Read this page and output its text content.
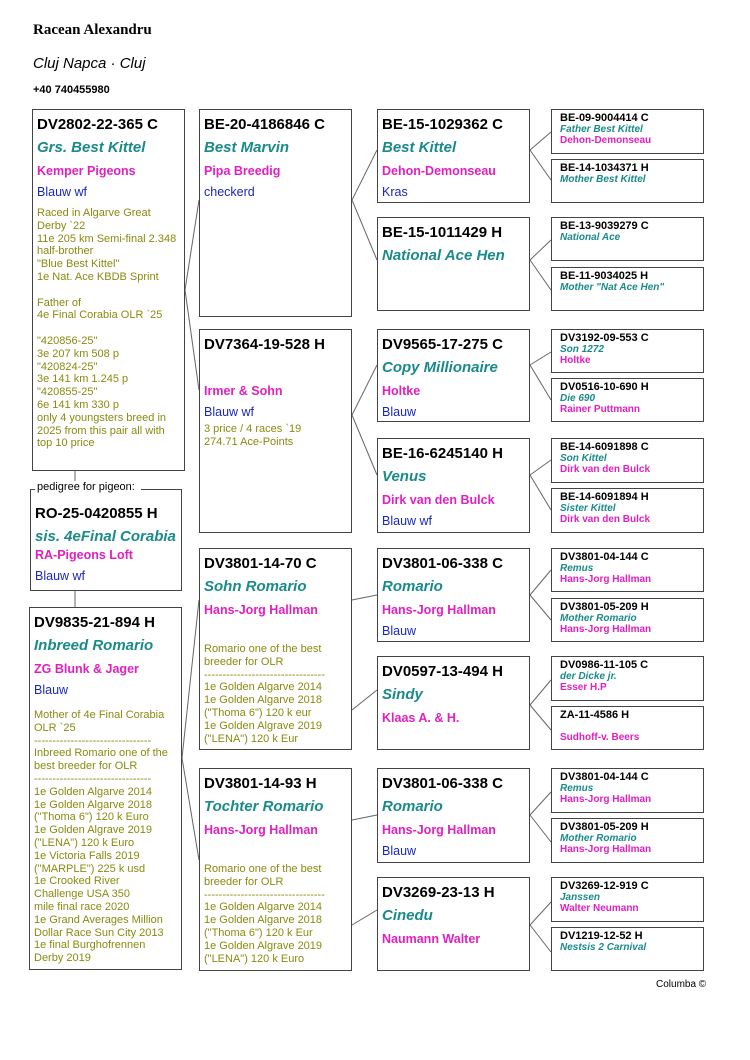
Racean Alexandru
Cluj Napca · Cluj
+40 740455980
DV2802-22-365 C
Grs. Best Kittel
Kemper Pigeons
Blauw wf
Raced in Algarve Great
Derby `22
11e 205 km Semi-final 2.348
half-brother
"Blue Best Kittel"
1e Nat. Ace KBDB Sprint
Father of
4e Final Corabia OLR `25
"420856-25"
3e 207 km 508 p
"420824-25"
3e 141 km 1.245 p
"420855-25"
6e 141 km 330 p
only 4 youngsters breed in
2025 from this pair all with
top 10 price
RO-25-0420855 H
sis. 4eFinal Corabia
RA-Pigeons Loft
Blauw wf
pedigree for pigeon:
DV9835-21-894 H
Inbreed Romario
ZG Blunk & Jager
Blauw
Mother of 4e Final Corabia
OLR `25
--------------------------------
Inbreed Romario one of the
best breeder for OLR
--------------------------------
1e Golden Algarve 2014
1e Golden Algarve 2018
("Thoma 6") 120 k Euro
1e Golden Algrave 2019
("LENA") 120 k Euro
1e Victoria Falls 2019
("MARPLE") 225 k usd
1e Crooked River
Challenge USA 350
mile final race 2020
1e Grand Averages Million
Dollar Race Sun City 2013
1e final Burghofrennen
Derby 2019
BE-20-4186846 C
Best Marvin
Pipa Breedig
checkerd
DV7364-19-528 H
Irmer & Sohn
Blauw wf
3 price / 4 races `19
274.71 Ace-Points
DV3801-14-70 C
Sohn Romario
Hans-Jorg Hallman
Romario one of the best
breeder for OLR
---------------------------------
1e Golden Algarve 2014
1e Golden Algarve 2018
("Thoma 6") 120 k eur
1e Golden Algrave 2019
("LENA") 120 k Eur
DV3801-14-93 H
Tochter Romario
Hans-Jorg Hallman
Romario one of the best
breeder for OLR
---------------------------------
1e Golden Algarve 2014
1e Golden Algarve 2018
("Thoma 6") 120 k Eur
1e Golden Algrave 2019
("LENA") 120 k Euro
BE-15-1029362 C
Best Kittel
Dehon-Demonseau
Kras
BE-15-1011429 H
National Ace Hen
DV9565-17-275 C
Copy Millionaire
Holtke
Blauw
BE-16-6245140 H
Venus
Dirk van den Bulck
Blauw wf
DV3801-06-338 C
Romario
Hans-Jorg Hallman
Blauw
DV0597-13-494 H
Sindy
Klaas A. & H.
DV3801-06-338 C
Romario
Hans-Jorg Hallman
Blauw
DV3269-23-13 H
Cinedu
Naumann Walter
BE-09-9004414 C
Father Best Kittel
Dehon-Demonseau
BE-14-1034371 H
Mother Best Kittel
BE-13-9039279 C
National Ace
BE-11-9034025 H
Mother "Nat Ace Hen"
DV3192-09-553 C
Son 1272
Holtke
DV0516-10-690 H
Die 690
Rainer Puttmann
BE-14-6091898 C
Son Kittel
Dirk van den Bulck
BE-14-6091894 H
Sister Kittel
Dirk van den Bulck
DV3801-04-144 C
Remus
Hans-Jorg Hallman
DV3801-05-209 H
Mother Romario
Hans-Jorg Hallman
DV0986-11-105 C
der Dicke jr.
Esser H.P
ZA-11-4586 H
Sudhoff-v. Beers
DV3801-04-144 C
Remus
Hans-Jorg Hallman
DV3801-05-209 H
Mother Romario
Hans-Jorg Hallman
DV3269-12-919 C
Janssen
Walter Neumann
DV1219-12-52 H
Nestsis 2 Carnival
Columba ©
